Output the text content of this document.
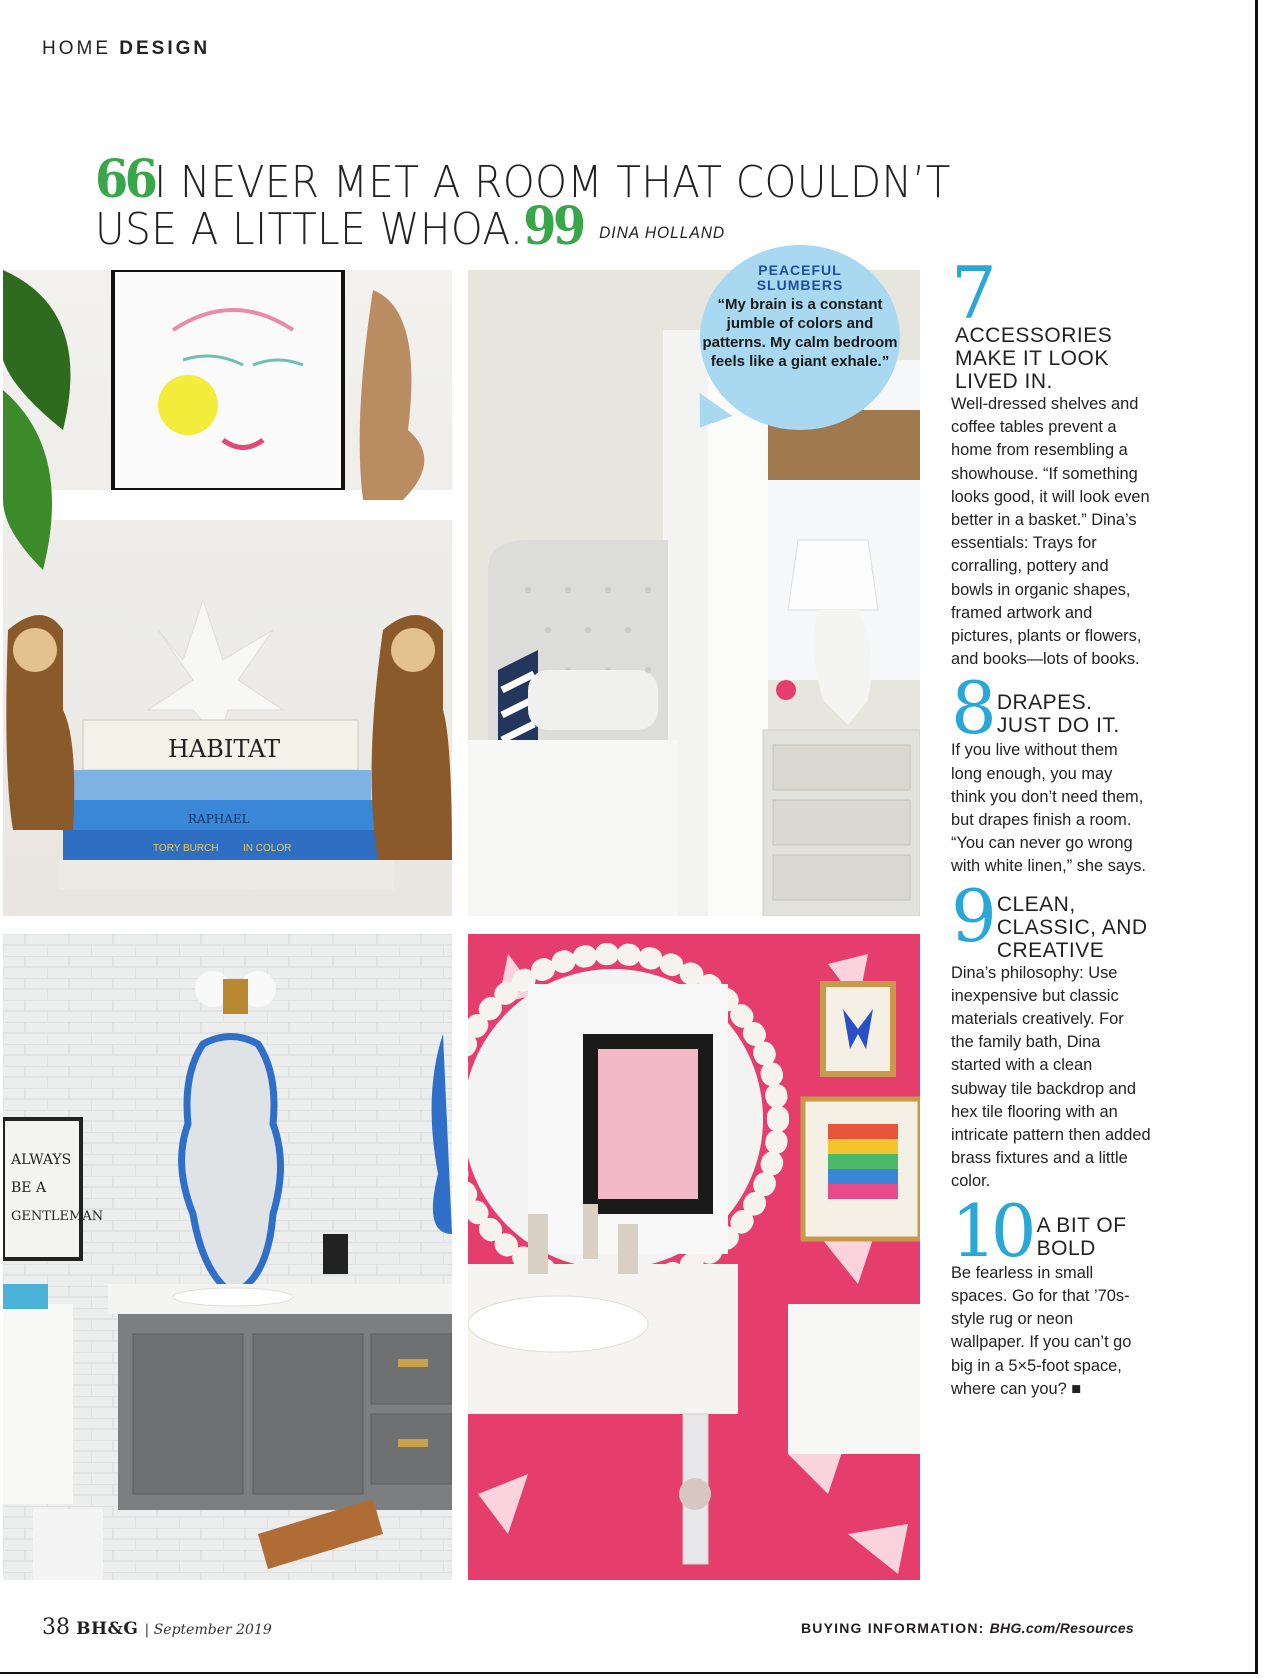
HOME DESIGN
66I NEVER MET A ROOM THAT COULDN’T
USE A LITTLE WHOA.99 DINA HOLLAND
HABITAT
RAPHAEL
TORY BURCH IN COLOR
PEACEFUL
SLUMBERS
“My brain is a constant jumble of colors and patterns. My calm bedroom feels like a giant exhale.”
ALWAYS
BE A
GENTLEMAN
7
ACCESSORIES MAKE IT LOOK LIVED IN.
Well-dressed shelves and coffee tables prevent a home from resembling a showhouse. “If something looks good, it will look even better in a basket.” Dina’s essentials: Trays for corralling, pottery and bowls in organic shapes, framed artwork and pictures, plants or flowers, and books—lots of books.
8 DRAPES. JUST DO IT.
If you live without them long enough, you may think you don’t need them, but drapes finish a room. “You can never go wrong with white linen,” she says.
9 CLEAN, CLASSIC, AND CREATIVE
Dina’s philosophy: Use inexpensive but classic materials creatively. For the family bath, Dina started with a clean subway tile backdrop and hex tile flooring with an intricate pattern then added brass fixtures and a little color.
10 A BIT OF BOLD
Be fearless in small spaces. Go for that ’70s-style rug or neon wallpaper. If you can’t go big in a 5×5-foot space, where can you? ■
38 BH&G | September 2019	BUYING INFORMATION: BHG.com/Resources
